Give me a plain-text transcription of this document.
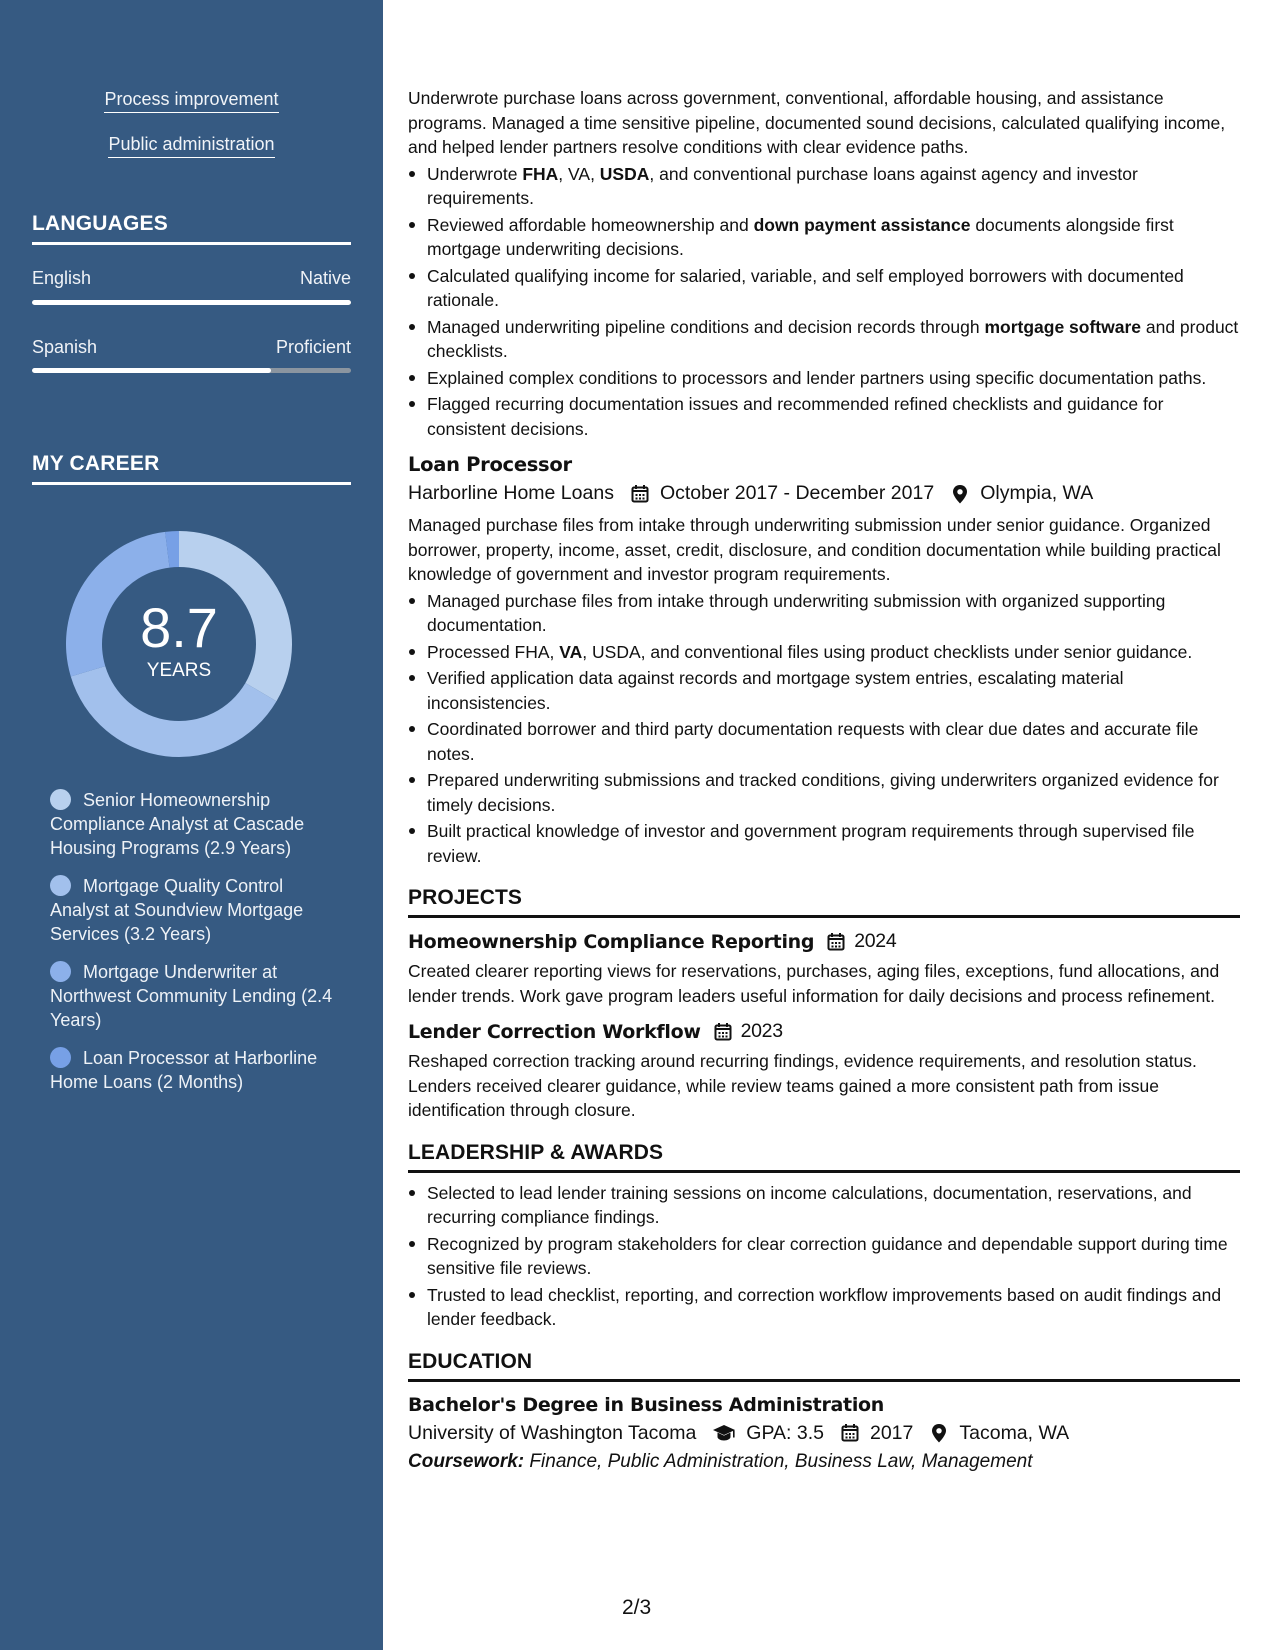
Process improvement
Public administration
LANGUAGES
English	Native
Spanish	Proficient
MY CAREER
8.7
YEARS
Senior Homeownership Compliance Analyst at Cascade Housing Programs (2.9 Years)
Mortgage Quality Control Analyst at Soundview Mortgage Services (3.2 Years)
Mortgage Underwriter at Northwest Community Lending (2.4 Years)
Loan Processor at Harborline Home Loans (2 Months)
Underwrote purchase loans across government, conventional, affordable housing, and assistance programs. Managed a time sensitive pipeline, documented sound decisions, calculated qualifying income, and helped lender partners resolve conditions with clear evidence paths.
Underwrote FHA, VA, USDA, and conventional purchase loans against agency and investor requirements.
Reviewed affordable homeownership and down payment assistance documents alongside first mortgage underwriting decisions.
Calculated qualifying income for salaried, variable, and self employed borrowers with documented rationale.
Managed underwriting pipeline conditions and decision records through mortgage software and product checklists.
Explained complex conditions to processors and lender partners using specific documentation paths.
Flagged recurring documentation issues and recommended refined checklists and guidance for consistent decisions.
Loan Processor
Harborline Home Loans October 2017 - December 2017 Olympia, WA
Managed purchase files from intake through underwriting submission under senior guidance. Organized borrower, property, income, asset, credit, disclosure, and condition documentation while building practical knowledge of government and investor program requirements.
Managed purchase files from intake through underwriting submission with organized supporting documentation.
Processed FHA, VA, USDA, and conventional files using product checklists under senior guidance.
Verified application data against records and mortgage system entries, escalating material inconsistencies.
Coordinated borrower and third party documentation requests with clear due dates and accurate file notes.
Prepared underwriting submissions and tracked conditions, giving underwriters organized evidence for timely decisions.
Built practical knowledge of investor and government program requirements through supervised file review.
PROJECTS
Homeownership Compliance Reporting 2024
Created clearer reporting views for reservations, purchases, aging files, exceptions, fund allocations, and lender trends. Work gave program leaders useful information for daily decisions and process refinement.
Lender Correction Workflow 2023
Reshaped correction tracking around recurring findings, evidence requirements, and resolution status. Lenders received clearer guidance, while review teams gained a more consistent path from issue identification through closure.
LEADERSHIP & AWARDS
Selected to lead lender training sessions on income calculations, documentation, reservations, and recurring compliance findings.
Recognized by program stakeholders for clear correction guidance and dependable support during time sensitive file reviews.
Trusted to lead checklist, reporting, and correction workflow improvements based on audit findings and lender feedback.
EDUCATION
Bachelor's Degree in Business Administration
University of Washington Tacoma	GPA: 3.5 2017 Tacoma, WA
Coursework: Finance, Public Administration, Business Law, Management
2/3
